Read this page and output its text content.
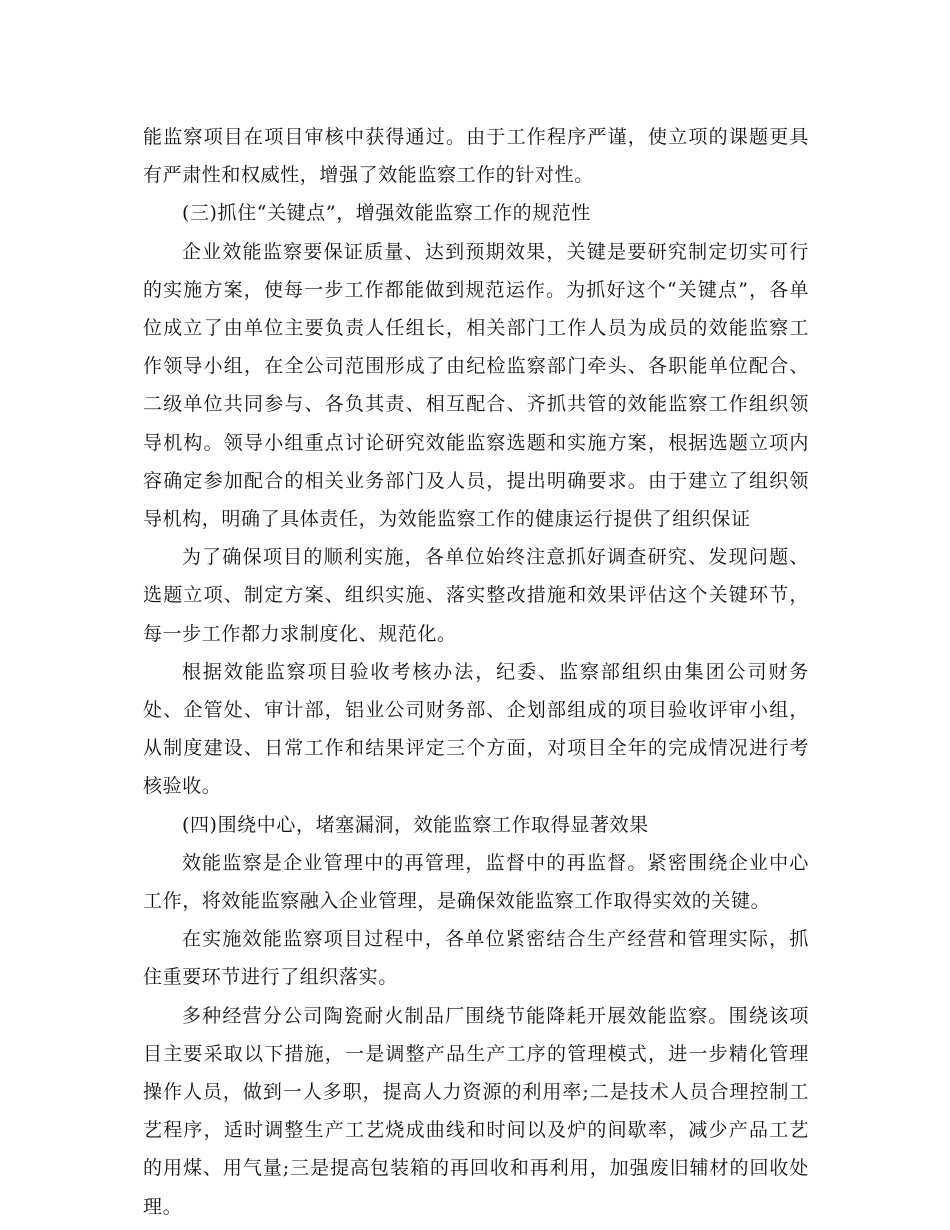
能监察项目在项目审核中获得通过。由于工作程序严谨，使立项的课题更具有严肃性和权威性，增强了效能监察工作的针对性。

(三)抓住“关键点”，增强效能监察工作的规范性

企业效能监察要保证质量、达到预期效果，关键是要研究制定切实可行的实施方案，使每一步工作都能做到规范运作。为抓好这个“关键点”，各单位成立了由单位主要负责人任组长，相关部门工作人员为成员的效能监察工作领导小组，在全公司范围形成了由纪检监察部门牵头、各职能单位配合、二级单位共同参与、各负其责、相互配合、齐抓共管的效能监察工作组织领导机构。领导小组重点讨论研究效能监察选题和实施方案，根据选题立项内容确定参加配合的相关业务部门及人员，提出明确要求。由于建立了组织领导机构，明确了具体责任，为效能监察工作的健康运行提供了组织保证

为了确保项目的顺利实施，各单位始终注意抓好调查研究、发现问题、选题立项、制定方案、组织实施、落实整改措施和效果评估这个关键环节，每一步工作都力求制度化、规范化。

根据效能监察项目验收考核办法，纪委、监察部组织由集团公司财务处、企管处、审计部，铝业公司财务部、企划部组成的项目验收评审小组，从制度建设、日常工作和结果评定三个方面，对项目全年的完成情况进行考核验收。

(四)围绕中心，堵塞漏洞，效能监察工作取得显著效果

效能监察是企业管理中的再管理，监督中的再监督。紧密围绕企业中心工作，将效能监察融入企业管理，是确保效能监察工作取得实效的关键。

在实施效能监察项目过程中，各单位紧密结合生产经营和管理实际，抓住重要环节进行了组织落实。

多种经营分公司陶瓷耐火制品厂围绕节能降耗开展效能监察。围绕该项目主要采取以下措施，一是调整产品生产工序的管理模式，进一步精化管理操作人员，做到一人多职，提高人力资源的利用率;二是技术人员合理控制工艺程序，适时调整生产工艺烧成曲线和时间以及炉的间歇率，减少产品工艺的用煤、用气量;三是提高包装箱的再回收和再利用，加强废旧辅材的回收处理。
